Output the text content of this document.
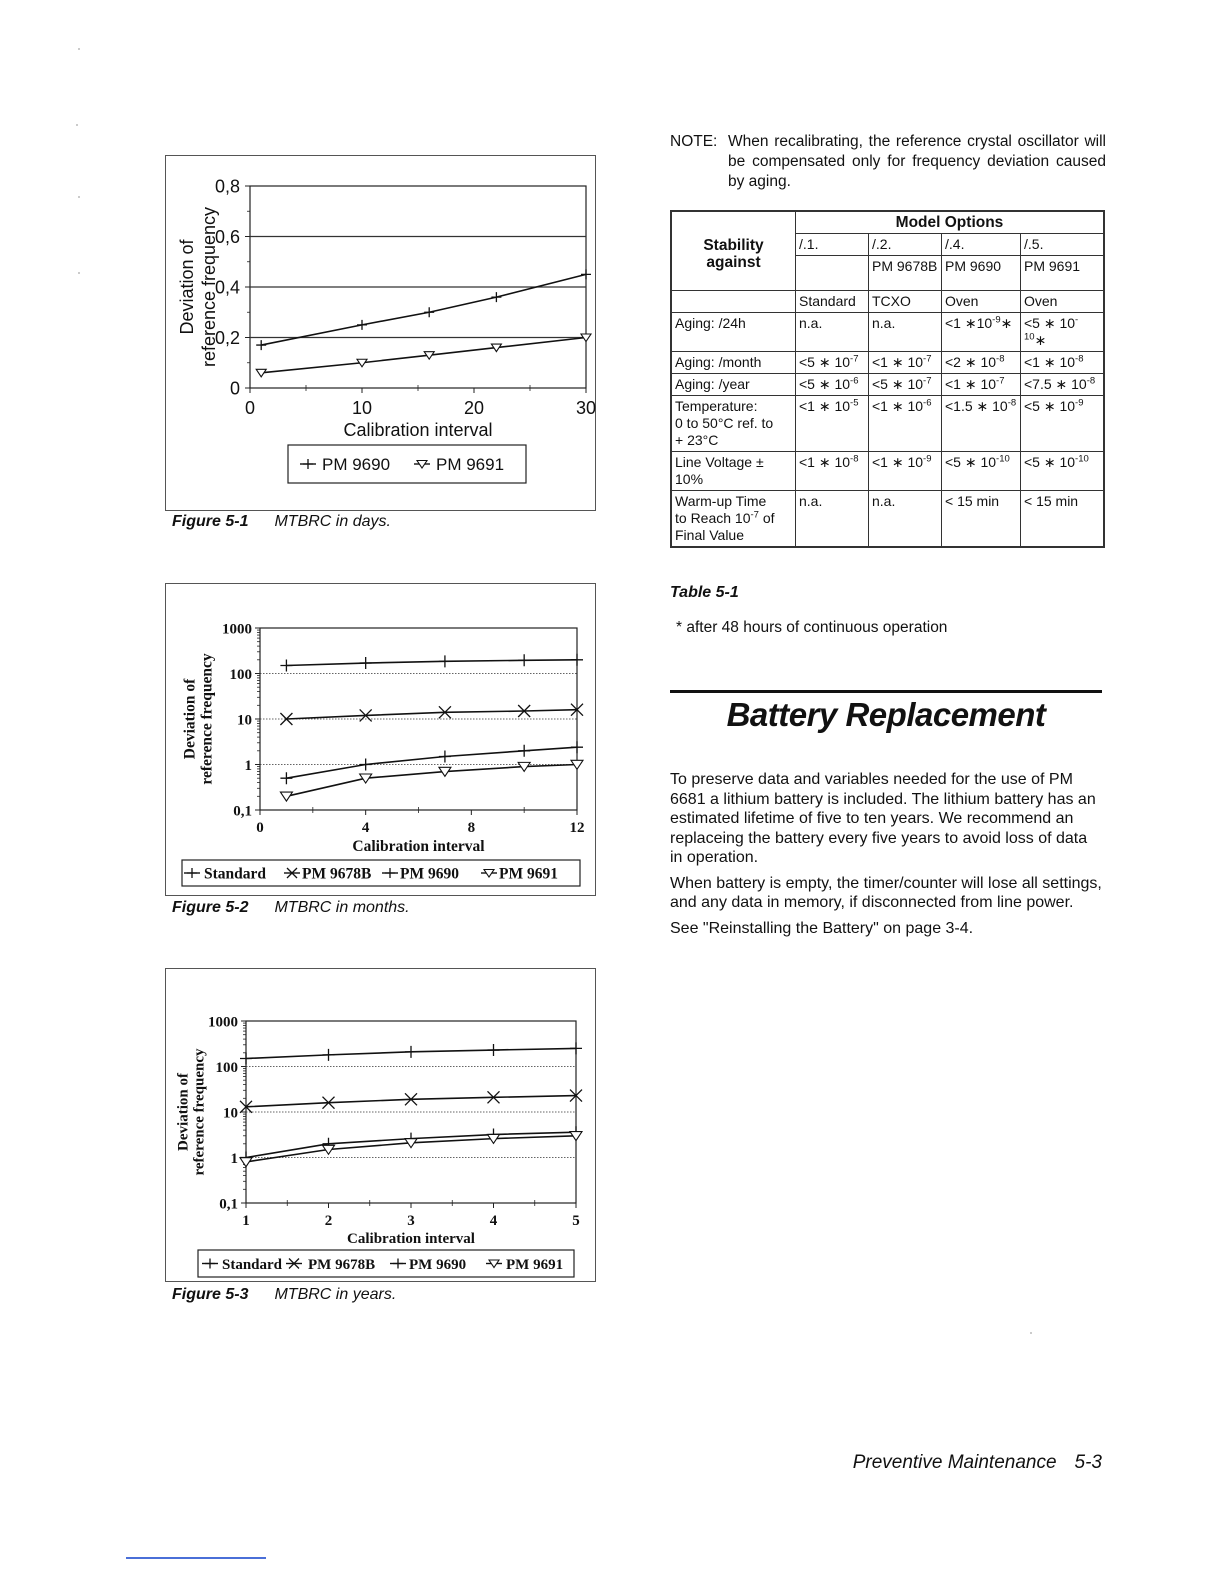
0
0,2
0,4
0,6
0,8
0	10	20	30
Calibration interval
Deviation of reference frequency
PM 9690	PM 9691
Figure 5-1 MTBRC in days.
0,1
1
10
100
1000
0	4	8	12
Calibration interval
Deviation of reference frequency
Standard PM 9678B PM 9690	PM 9691
Figure 5-2 MTBRC in months.
0,1
1
10
100
1000
1	2	3	4	5
Calibration interval
Deviation of reference frequency
Standard PM 9678B PM 9690	PM 9691
Figure 5-3 MTBRC in years.
NOTE: When recalibrating, the reference crystal oscillator will be compensated only for frequency deviation caused by aging.
Stability against	Model Options			
	/.1.	/.2.	/.4.	/.5.
		PM 9678B	PM 9690	PM 9691
	Standard	TCXO	Oven	Oven
Aging: /24h	n.a.	n.a.	<1 $∗10^{-9}∗$	<5 ∗ $10^{-10}∗$
Aging: /month	<5 ∗ $10^{-7}$	<1 ∗ $10^{-7}$	<2 ∗ $10^{-8}$	<1 ∗ $10^{-8}$
Aging: /year	<5 ∗ $10^{-6}$	<5 ∗ $10^{-7}$	<1 ∗ $10^{-7}$	<7.5 ∗ $10^{-8}$
Temperature:
0 to 50°C ref. to
+ 23°C	<1 ∗ $10^{-5}$	<1 ∗ $10^{-6}$	<1.5 ∗ $10^{-8}$	<5 ∗ $10^{-9}$
Line Voltage ±
10%	<1 ∗ $10^{-8}$	<1 ∗ $10^{-9}$	<5 ∗ $10^{-10}$	<5 ∗ $10^{-10}$
Warm-up Time
to Reach $10^{-7}$ of
Final Value	n.a.	n.a.	< 15 min	< 15 min
Table 5-1
* after 48 hours of continuous operation
Battery Replacement

To preserve data and variables needed for the use of PM 6681 a lithium battery is included. The lithium battery has an estimated lifetime of five to ten years. We recommend an replaceing the battery every five years to avoid loss of data in operation.

When battery is empty, the timer/counter will lose all settings, and any data in memory, if disconnected from line power.

See "Reinstalling the Battery" on page 3-4.

Preventive Maintenance 5-3
